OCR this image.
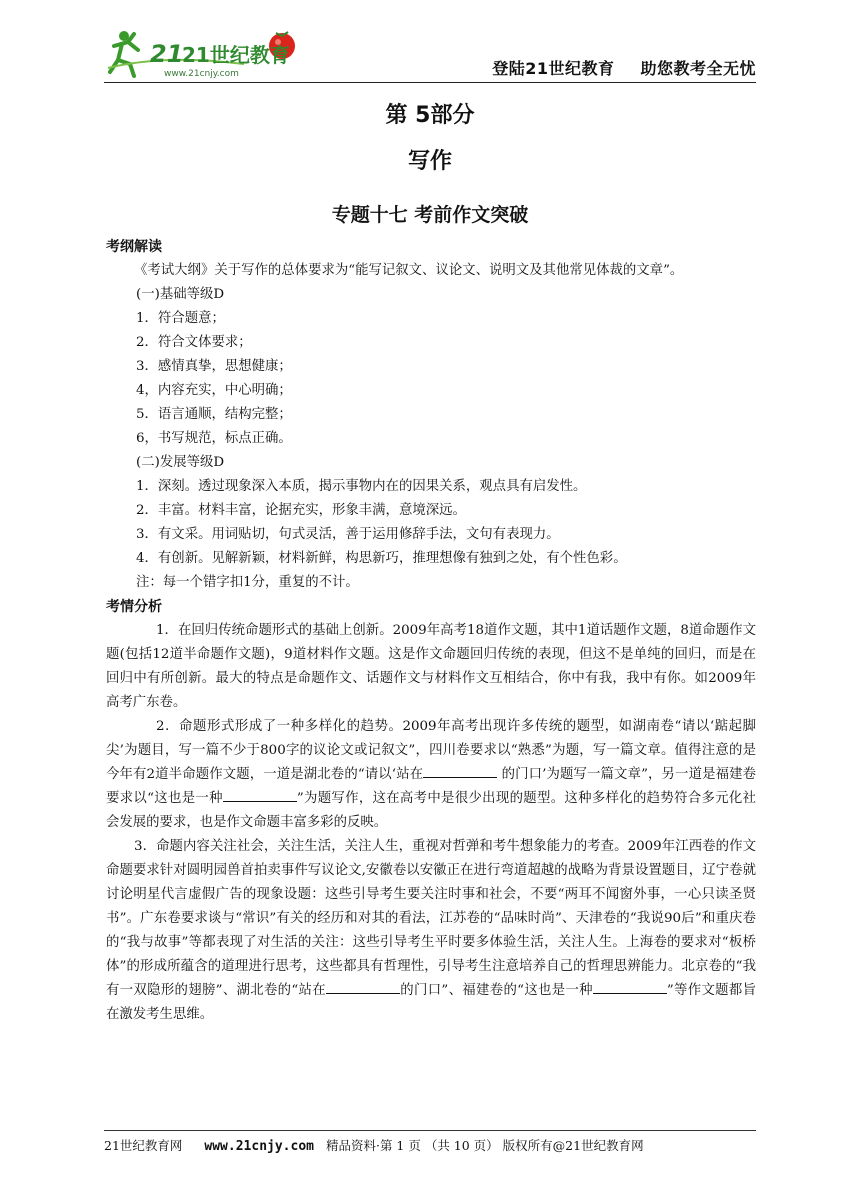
21
21世纪教育
www.21cnjy.com	登陆21世纪教育 助您教考全无忧
第 5部分
写作
专题十七 考前作文突破

考纲解读

《考试大纲》关于写作的总体要求为“能写记叙文、议论文、说明文及其他常见体裁的文章”。

(一)基础等级D

1．符合题意；

2．符合文体要求；

3．感情真挚，思想健康；

4，内容充实，中心明确；

5．语言通顺，结构完整；

6，书写规范，标点正确。

(二)发展等级D

1．深刻。透过现象深入本质，揭示事物内在的因果关系，观点具有启发性。

2．丰富。材料丰富，论据充实，形象丰满，意境深远。

3．有文采。用词贴切，句式灵活，善于运用修辞手法，文句有表现力。

4．有创新。见解新颖，材料新鲜，构思新巧，推理想像有独到之处，有个性色彩。

注：每一个错字扣1分，重复的不计。

考情分析

1．在回归传统命题形式的基础上创新。2009年高考18道作文题，其中1道话题作文题，8道命题作文题(包括12道半命题作文题)，9道材料作文题。这是作文命题回归传统的表现，但这不是单纯的回归，而是在回归中有所创新。最大的特点是命题作文、话题作文与材料作文互相结合，你中有我，我中有你。如2009年高考广东卷。

2．命题形式形成了一种多样化的趋势。2009年高考出现许多传统的题型，如湖南卷“请以‘踮起脚尖’为题目，写一篇不少于800字的议论文或记叙文”，四川卷要求以“熟悉”为题，写一篇文章。值得注意的是今年有2道半命题作文题，一道是湖北卷的“请以‘站在	的门口’为题写一篇文章”，另一道是福建卷要求以“这也是一种	”为题写作，这在高考中是很少出现的题型。这种多样化的趋势符合多元化社会发展的要求，也是作文命题丰富多彩的反映。

3．命题内容关注社会，关注生活，关注人生，重视对哲弹和考牛想象能力的考查。2009年江西卷的作文命题要求针对圆明园兽首拍卖事件写议论文,安徽卷以安徽正在进行弯道超越的战略为背景设置题目，辽宁卷就讨论明星代言虚假广告的现象设题：这些引导考生要关注时事和社会，不要“两耳不闻窗外事，一心只读圣贤书”。广东卷要求谈与“常识”有关的经历和对其的看法，江苏卷的“品味时尚”、天津卷的“我说90后”和重庆卷的“我与故事”等都表现了对生活的关注：这些引导考生平时要多体验生活，关注人生。上海卷的要求对“板桥体”的形成所蕴含的道理进行思考，这些都具有哲理性，引导考生注意培养自己的哲理思辨能力。北京卷的“我有一双隐形的翅膀”、湖北卷的“站在	的门口”、福建卷的“这也是一种	”等作文题都旨在激发考生思维。

21世纪教育网 www.21cnjy.com 精品资料·第 1 页 （共 10 页） 版权所有@21世纪教育网
